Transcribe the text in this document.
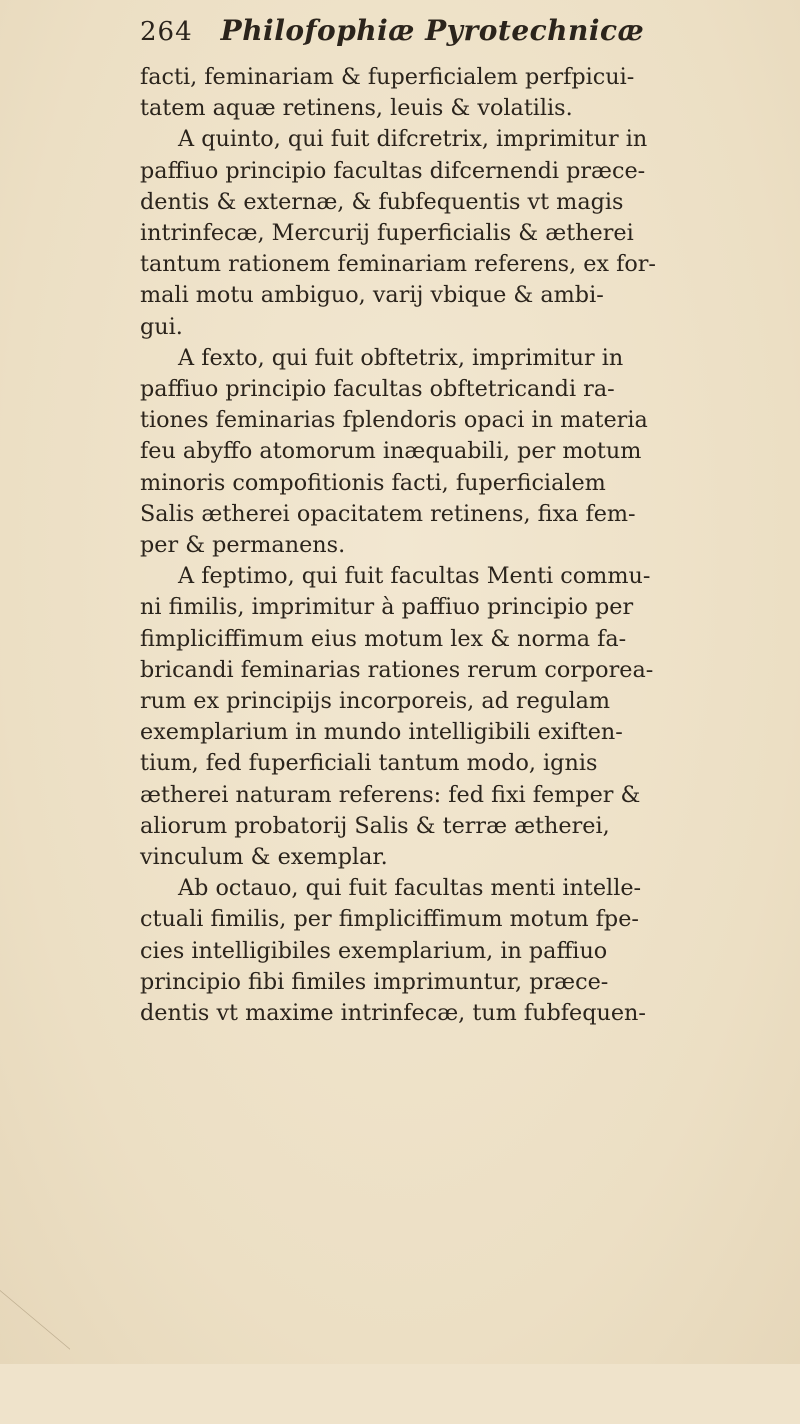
264 Philofophiæ Pyrotechnicæ
facti, feminariam & fuperficialem perfpicui-
tatem aquæ retinens, leuis & volatilis.
A quinto, qui fuit difcretrix, imprimitur in
paffiuo principio facultas difcernendi præce-
dentis & externæ, & fubfequentis vt magis
intrinfecæ, Mercurij fuperficialis & ætherei
tantum rationem feminariam referens, ex for-
mali motu ambiguo, varij vbique & ambi-
gui.
A fexto, qui fuit obftetrix, imprimitur in
paffiuo principio facultas obftetricandi ra-
tiones feminarias fplendoris opaci in materia
feu abyffo atomorum inæquabili, per motum
minoris compofitionis facti, fuperficialem
Salis ætherei opacitatem retinens, fixa fem-
per & permanens.
A feptimo, qui fuit facultas Menti commu-
ni fimilis, imprimitur à paffiuo principio per
fimpliciffimum eius motum lex & norma fa-
bricandi feminarias rationes rerum corporea-
rum ex principijs incorporeis, ad regulam
exemplarium in mundo intelligibili exiften-
tium, fed fuperficiali tantum modo, ignis
ætherei naturam referens: fed fixi femper &
aliorum probatorij Salis & terræ ætherei,
vinculum & exemplar.
Ab octauo, qui fuit facultas menti intelle-
ctuali fimilis, per fimpliciffimum motum fpe-
cies intelligibiles exemplarium, in paffiuo
principio fibi fimiles imprimuntur, præce-
dentis vt maxime intrinfecæ, tum fubfequen-
